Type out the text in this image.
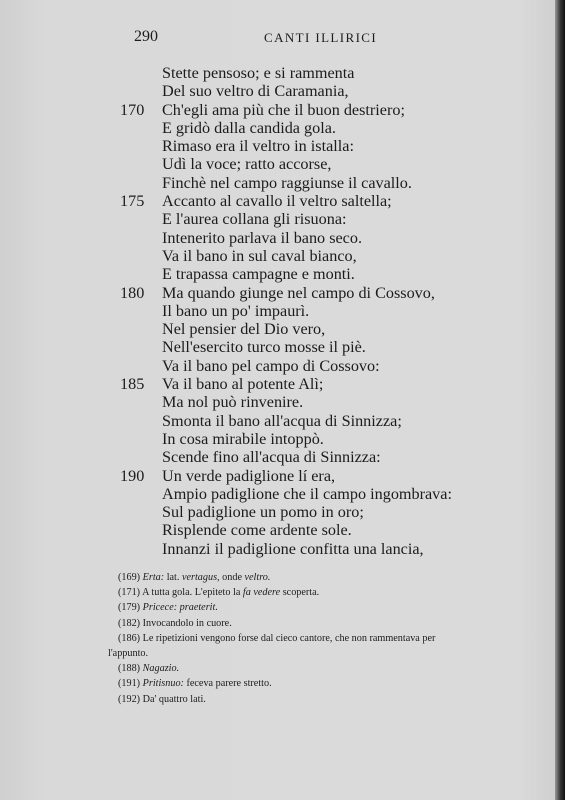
290	CANTI ILLIRICI
Stette pensoso; e si rammenta
Del suo veltro di Caramania,
170	Ch'egli ama più che il buon destriero;
E gridò dalla candida gola.
Rimaso era il veltro in istalla:
Udì la voce; ratto accorse,
Finchè nel campo raggiunse il cavallo.
175	Accanto al cavallo il veltro saltella;
E l'aurea collana gli risuona:
Intenerito parlava il bano seco.
Va il bano in sul caval bianco,
E trapassa campagne e monti.
180	Ma quando giunge nel campo di Cossovo,
Il bano un po' impaurì.
Nel pensier del Dio vero,
Nell'esercito turco mosse il piè.
Va il bano pel campo di Cossovo:
185	Va il bano al potente Alì;
Ma nol può rinvenire.
Smonta il bano all'acqua di Sinnizza;
In cosa mirabile intoppò.
Scende fino all'acqua di Sinnizza:
190	Un verde padiglione lí era,
Ampio padiglione che il campo ingombrava:
Sul padiglione un pomo in oro;
Risplende come ardente sole.
Innanzi il padiglione confitta una lancia,
(169) Erta: lat. vertagus, onde veltro.
(171) A tutta gola. L'epiteto la fa vedere scoperta.
(179) Pricece: praeterit.
(182) Invocandolo in cuore.
(186) Le ripetizioni vengono forse dal cieco cantore, che non rammentava per
l'appunto.
(188) Nagazio.
(191) Pritisnuo: feceva parere stretto.
(192) Da' quattro lati.
